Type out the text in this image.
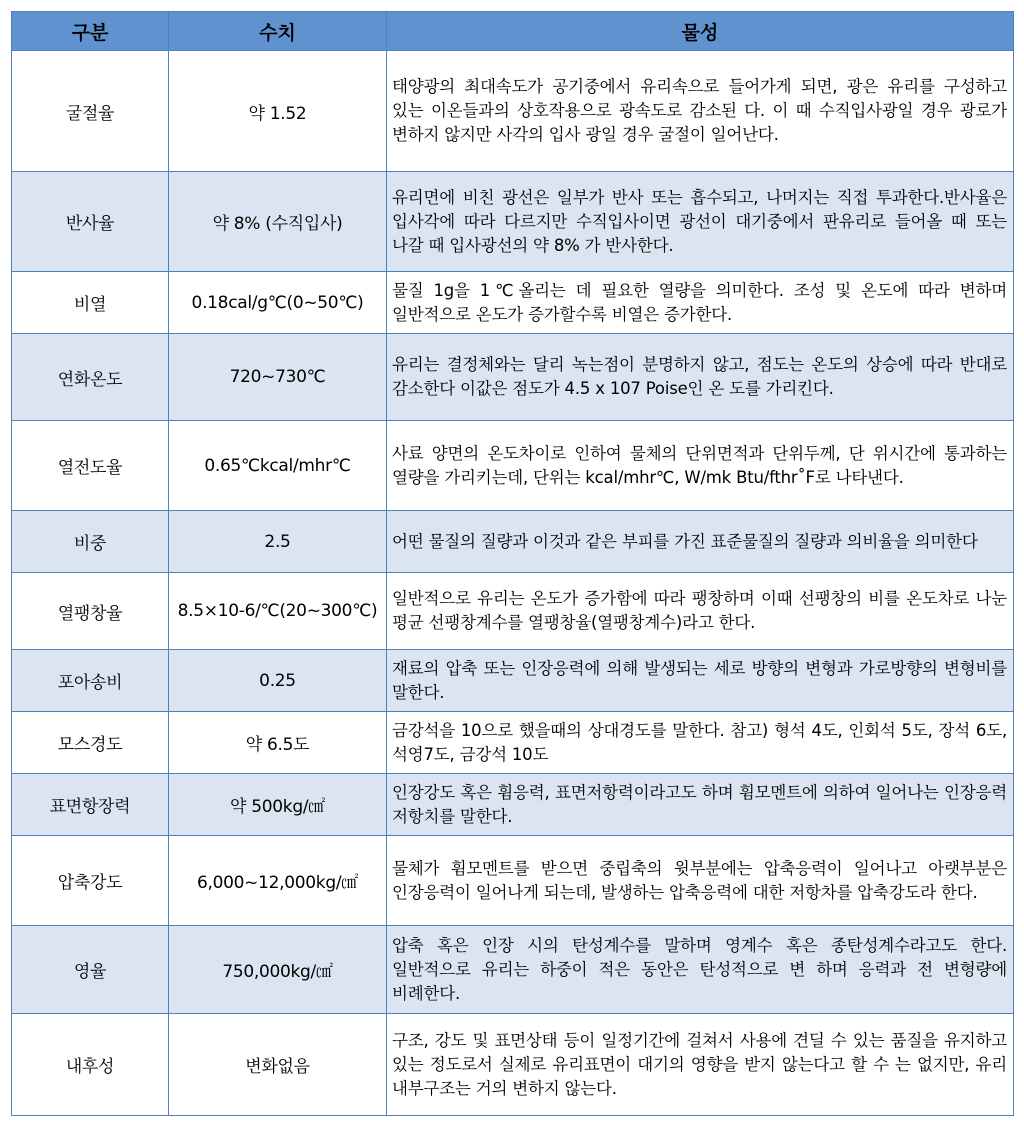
구분	수치	물성
굴절율	약 1.52	태양광의 최대속도가 공기중에서 유리속으로 들어가게 되면, 광은 유리를 구성하고 있는 이온들과의 상호작용으로 광속도로 감소된 다. 이 때 수직입사광일 경우 광로가 변하지 않지만 사각의 입사 광일 경우 굴절이 일어난다.
반사율	약 8% (수직입사)	유리면에 비친 광선은 일부가 반사 또는 흡수되고, 나머지는 직접 투과한다.반사율은 입사각에 따라 다르지만 수직입사이면 광선이 대기중에서 판유리로 들어올 때 또는 나갈 때 입사광선의 약 8% 가 반사한다.
비열	0.18cal/g℃(0~50℃)	물질 1g을 1℃올리는 데 필요한 열량을 의미한다. 조성 및 온도에 따라 변하며 일반적으로 온도가 증가할수록 비열은 증가한다.
연화온도	720~730℃	유리는 결정체와는 달리 녹는점이 분명하지 않고, 점도는 온도의 상승에 따라 반대로 감소한다 이값은 점도가 4.5 x 107 Poise인 온 도를 가리킨다.
열전도율	0.65℃kcal/mhr℃	사료 양면의 온도차이로 인하여 물체의 단위면적과 단위두께, 단 위시간에 통과하는 열량을 가리키는데, 단위는 kcal/mhr℃, W/mk Btu/fthr˚F로 나타낸다.
비중	2.5	어떤 물질의 질량과 이것과 같은 부피를 가진 표준물질의 질량과 의비율을 의미한다
열팽창율	8.5×10-6/℃(20~300℃)	일반적으로 유리는 온도가 증가함에 따라 팽창하며 이때 선팽창의 비를 온도차로 나눈 평균 선팽창계수를 열팽창율(열팽창계수)라고 한다.
포아송비	0.25	재료의 압축 또는 인장응력에 의해 발생되는 세로 방향의 변형과 가로방향의 변형비를 말한다.
모스경도	약 6.5도	금강석을 10으로 했을때의 상대경도를 말한다. 참고) 형석 4도, 인회석 5도, 장석 6도, 석영7도, 금강석 10도
표면항장력	약 500kg/㎠	인장강도 혹은 휨응력, 표면저항력이라고도 하며 휨모멘트에 의하여 일어나는 인장응력 저항치를 말한다.
압축강도	6,000~12,000kg/㎠	물체가 휨모멘트를 받으면 중립축의 윗부분에는 압축응력이 일어나고 아랫부분은 인장응력이 일어나게 되는데, 발생하는 압축응력에 대한 저항차를 압축강도라 한다.
영율	750,000kg/㎠	압축 혹은 인장 시의 탄성계수를 말하며 영계수 혹은 종탄성계수라고도 한다.일반적으로 유리는 하중이 적은 동안은 탄성적으로 변 하며 응력과 전 변형량에 비례한다.
내후성	변화없음	구조, 강도 및 표면상태 등이 일정기간에 걸쳐서 사용에 견딜 수 있는 품질을 유지하고 있는 정도로서 실제로 유리표면이 대기의 영향을 받지 않는다고 할 수 는 없지만, 유리 내부구조는 거의 변하지 않는다.
